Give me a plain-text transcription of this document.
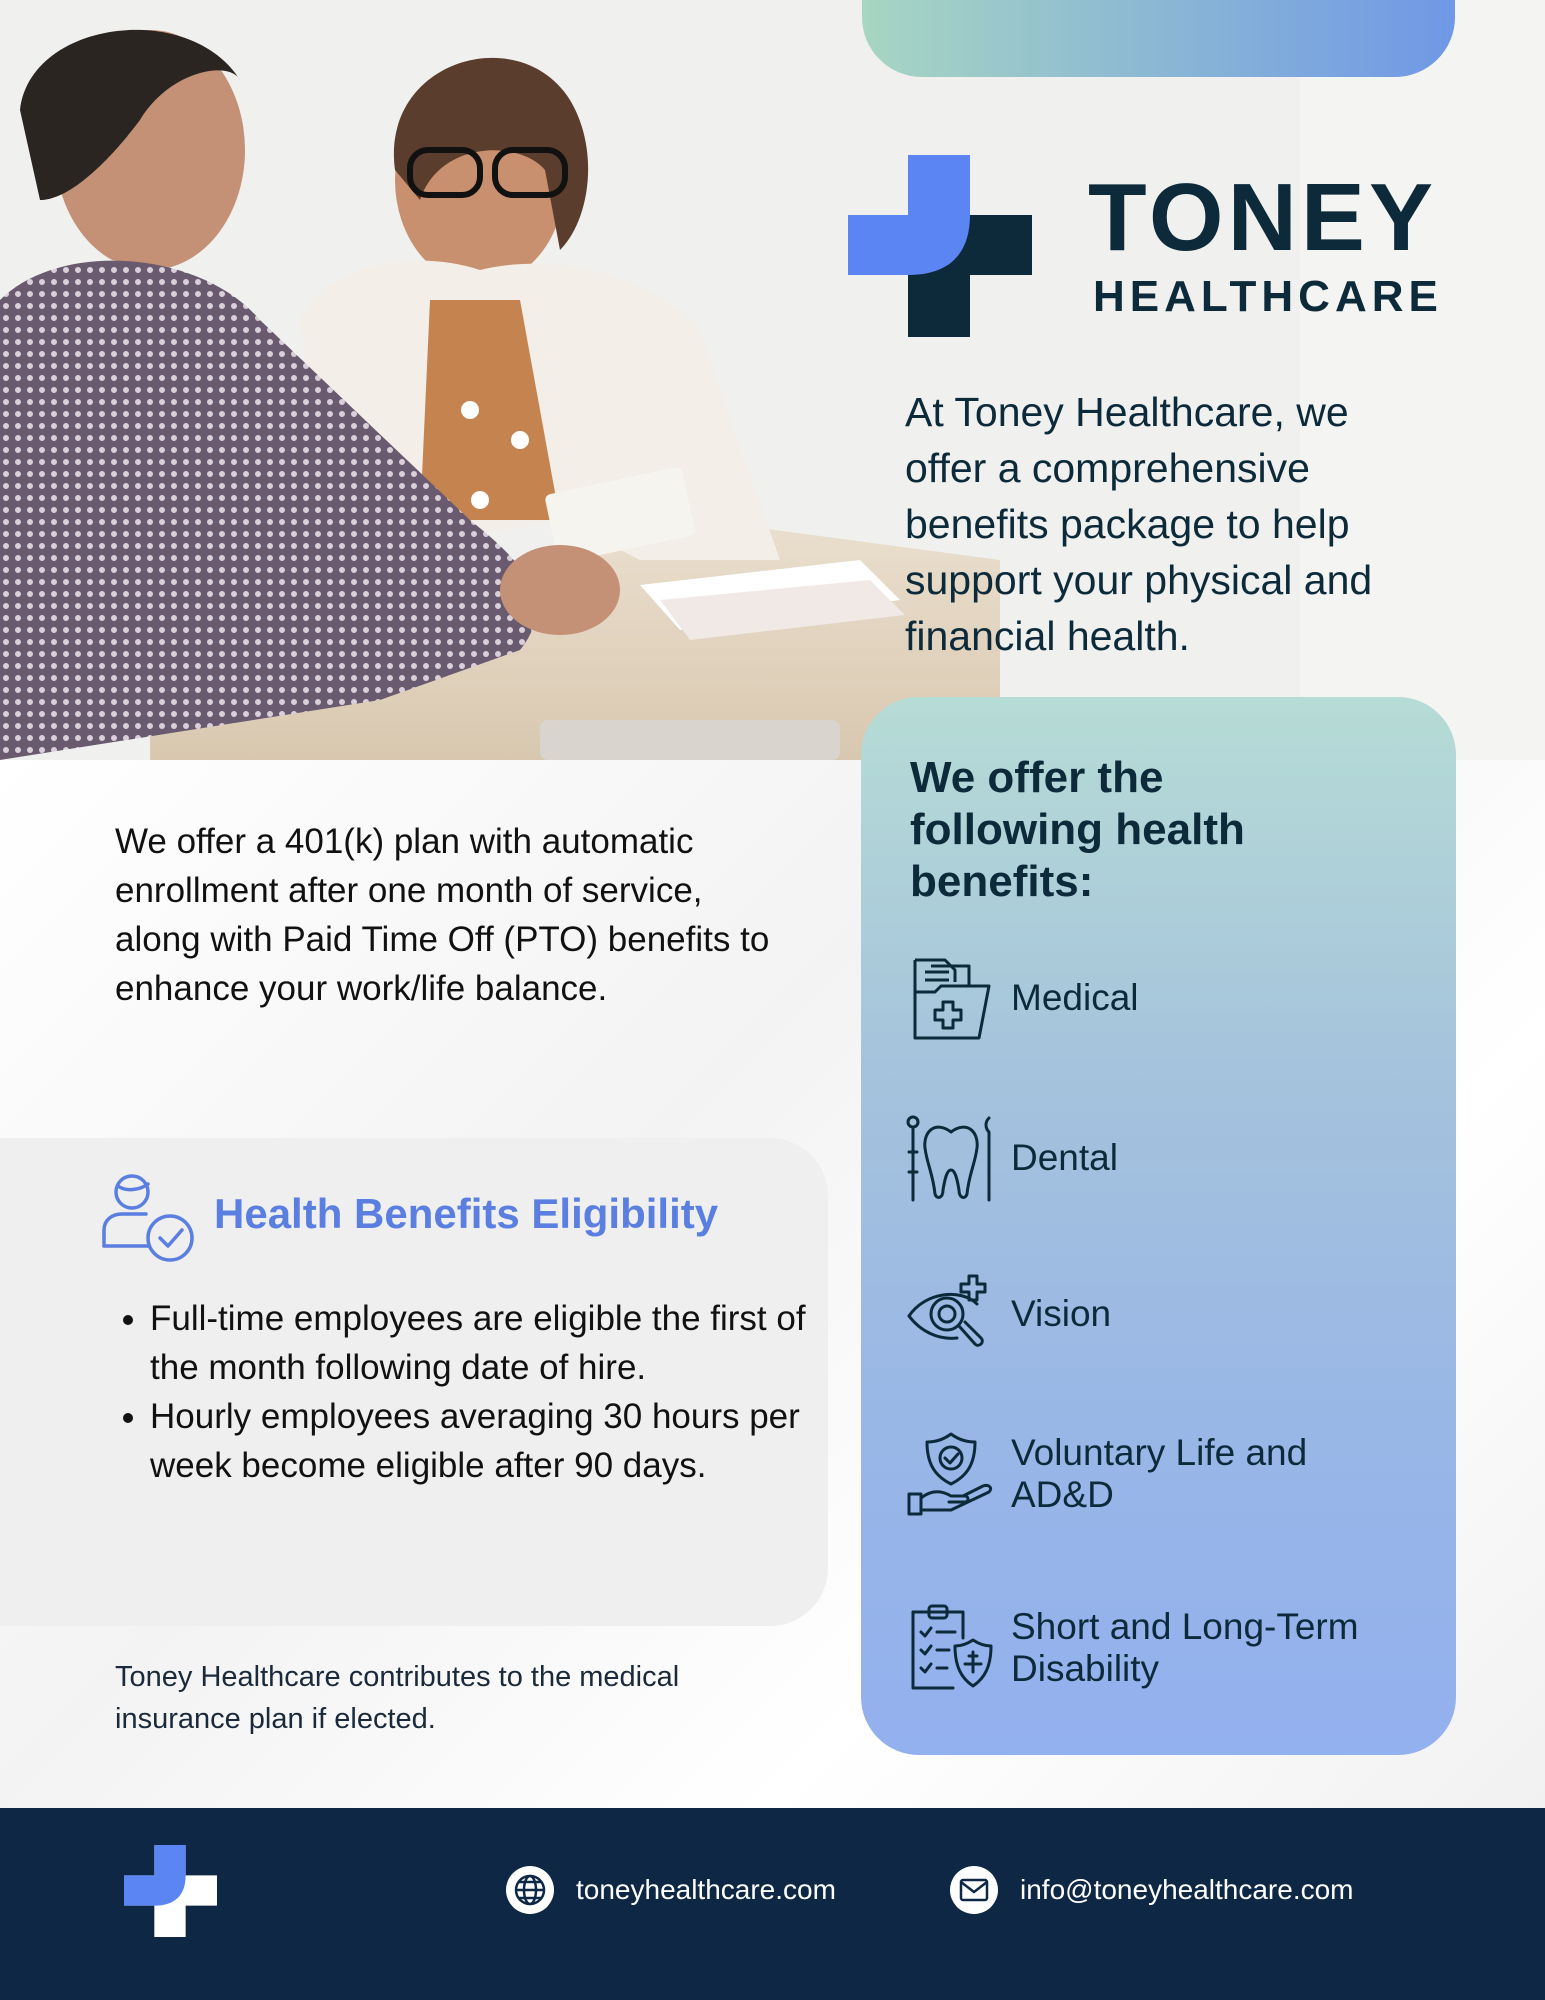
TONEY
HEALTHCARE
At Toney Healthcare, we offer a comprehensive benefits package to help support your physical and financial health.
We offer the following health benefits:
Medical
Dental
Vision
Voluntary Life and AD&D
Short and Long-Term Disability
We offer a 401(k) plan with automatic enrollment after one month of service, along with Paid Time Off (PTO) benefits to enhance your work/life balance.
Health Benefits Eligibility
• Full-time employees are eligible the first of the month following date of hire.
• Hourly employees averaging 30 hours per week become eligible after 90 days.
Toney Healthcare contributes to the medical insurance plan if elected.
toneyhealthcare.com	info@toneyhealthcare.com
